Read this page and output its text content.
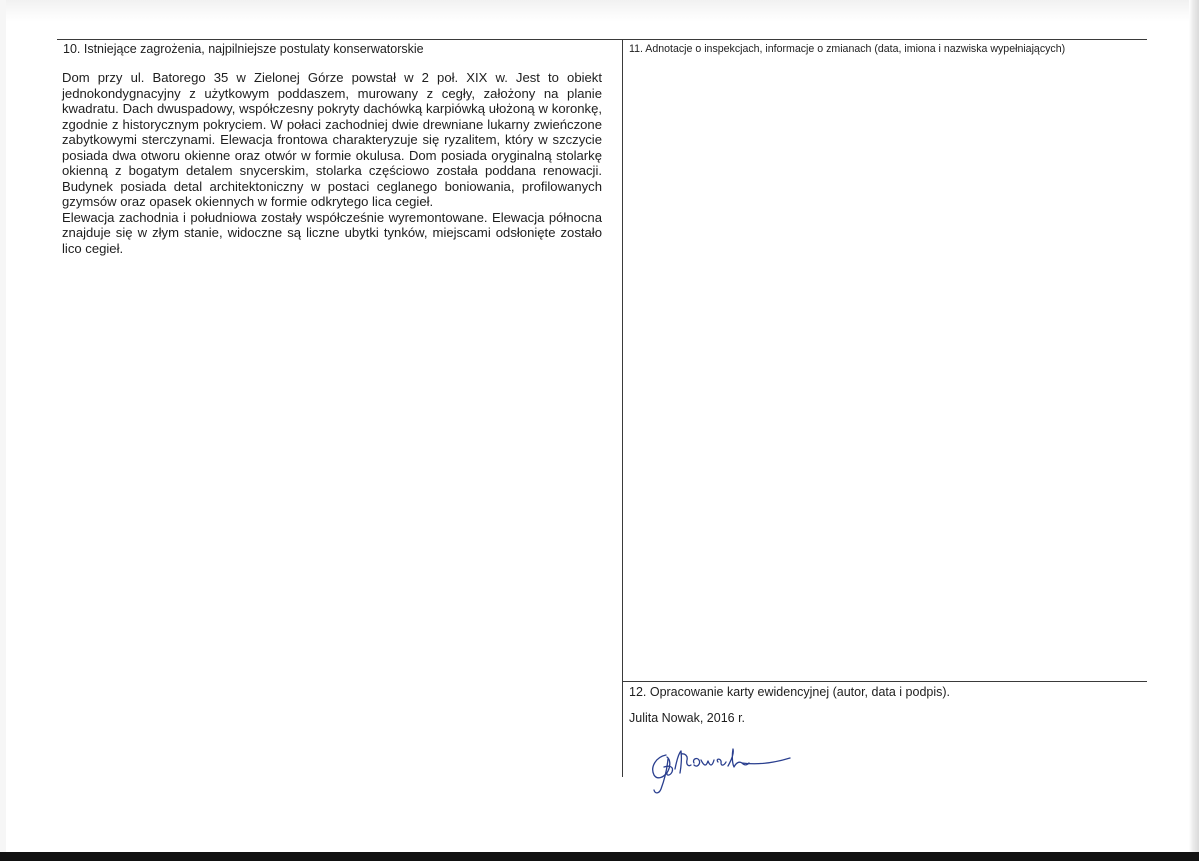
10. Istniejące zagrożenia, najpilniejsze postulaty konserwatorskie

Dom przy ul. Batorego 35 w Zielonej Górze powstał w 2 poł. XIX w. Jest to obiekt jednokondygnacyjny z użytkowym poddaszem, murowany z cegły, założony na planie kwadratu. Dach dwuspadowy, współczesny pokryty dachówką karpiówką ułożoną w koronkę, zgodnie z historycznym pokryciem. W połaci zachodniej dwie drewniane lukarny zwieńczone zabytkowymi sterczynami. Elewacja frontowa charakteryzuje się ryzalitem, który w szczycie posiada dwa otworu okienne oraz otwór w formie okulusa. Dom posiada oryginalną stolarkę okienną z bogatym detalem snycerskim, stolarka częściowo została poddana renowacji. Budynek posiada detal architektoniczny w postaci ceglanego boniowania, profilowanych gzymsów oraz opasek okiennych w formie odkrytego lica cegieł.

Elewacja zachodnia i południowa zostały współcześnie wyremontowane. Elewacja północna znajduje się w złym stanie, widoczne są liczne ubytki tynków, miejscami odsłonięte zostało lico cegieł.

11. Adnotacje o inspekcjach, informacje o zmianach (data, imiona i nazwiska wypełniających)
12. Opracowanie karty ewidencyjnej (autor, data i podpis).
Julita Nowak, 2016 r.
